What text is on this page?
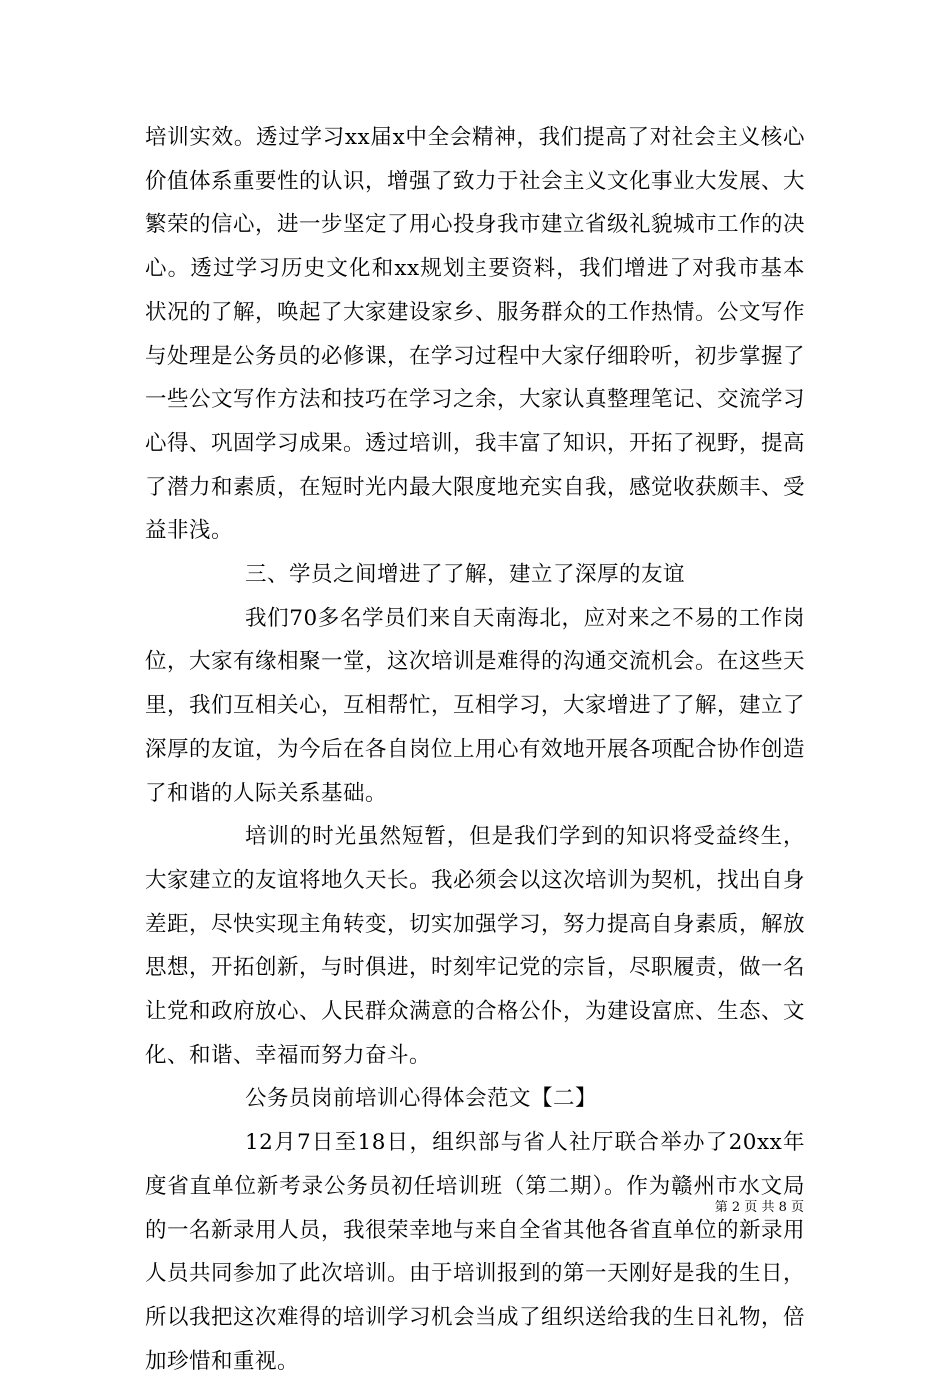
培训实效。透过学习xx届x中全会精神，我们提高了对社会主义核心价值体系重要性的认识，增强了致力于社会主义文化事业大发展、大繁荣的信心，进一步坚定了用心投身我市建立省级礼貌城市工作的决心。透过学习历史文化和xx规划主要资料，我们增进了对我市基本状况的了解，唤起了大家建设家乡、服务群众的工作热情。公文写作与处理是公务员的必修课，在学习过程中大家仔细聆听，初步掌握了一些公文写作方法和技巧在学习之余，大家认真整理笔记、交流学习心得、巩固学习成果。透过培训，我丰富了知识，开拓了视野，提高了潜力和素质，在短时光内最大限度地充实自我，感觉收获颇丰、受益非浅。

三、学员之间增进了了解，建立了深厚的友谊

我们70多名学员们来自天南海北，应对来之不易的工作岗位，大家有缘相聚一堂，这次培训是难得的沟通交流机会。在这些天里，我们互相关心，互相帮忙，互相学习，大家增进了了解，建立了深厚的友谊，为今后在各自岗位上用心有效地开展各项配合协作创造了和谐的人际关系基础。

培训的时光虽然短暂，但是我们学到的知识将受益终生，大家建立的友谊将地久天长。我必须会以这次培训为契机，找出自身差距，尽快实现主角转变，切实加强学习，努力提高自身素质，解放思想，开拓创新，与时俱进，时刻牢记党的宗旨，尽职履责，做一名让党和政府放心、人民群众满意的合格公仆，为建设富庶、生态、文化、和谐、幸福而努力奋斗。

公务员岗前培训心得体会范文【二】

12月7日至18日，组织部与省人社厅联合举办了20xx年度省直单位新考录公务员初任培训班（第二期）。作为赣州市水文局的一名新录用人员，我很荣幸地与来自全省其他各省直单位的新录用人员共同参加了此次培训。由于培训报到的第一天刚好是我的生日，所以我把这次难得的培训学习机会当成了组织送给我的生日礼物，倍加珍惜和重视。

第 2 页 共 8 页
